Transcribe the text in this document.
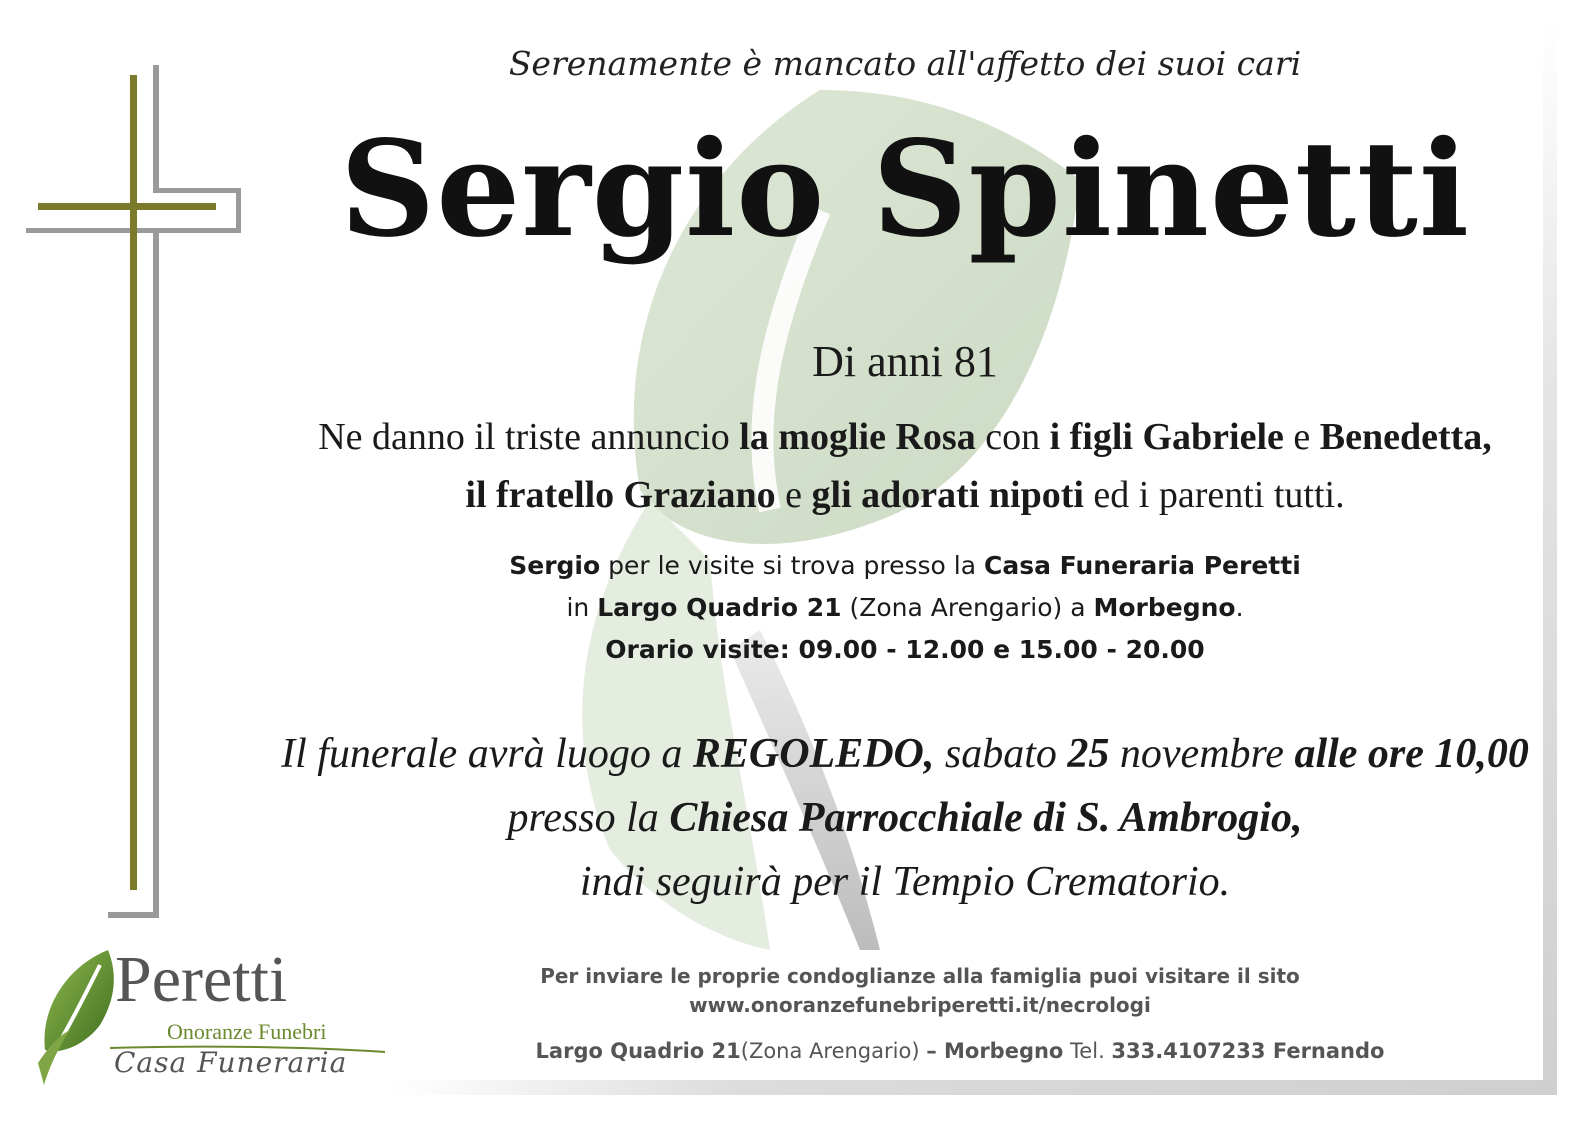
Serenamente è mancato all'affetto dei suoi cari
Sergio Spinetti
Di anni 81
Ne danno il triste annuncio la moglie Rosa con i figli Gabriele e Benedetta,
il fratello Graziano e gli adorati nipoti ed i parenti tutti.
Sergio per le visite si trova presso la Casa Funeraria Peretti
in Largo Quadrio 21 (Zona Arengario) a Morbegno.
Orario visite: 09.00 - 12.00 e 15.00 - 20.00
Il funerale avrà luogo a REGOLEDO, sabato 25 novembre alle ore 10,00
presso la Chiesa Parrocchiale di S. Ambrogio,
indi seguirà per il Tempio Crematorio.
Per inviare le proprie condoglianze alla famiglia puoi visitare il sito
www.onoranzefunebriperetti.it/necrologi
Largo Quadrio 21(Zona Arengario) – Morbegno Tel. 333.4107233 Fernando
Peretti
Onoranze Funebri
Casa Funeraria
